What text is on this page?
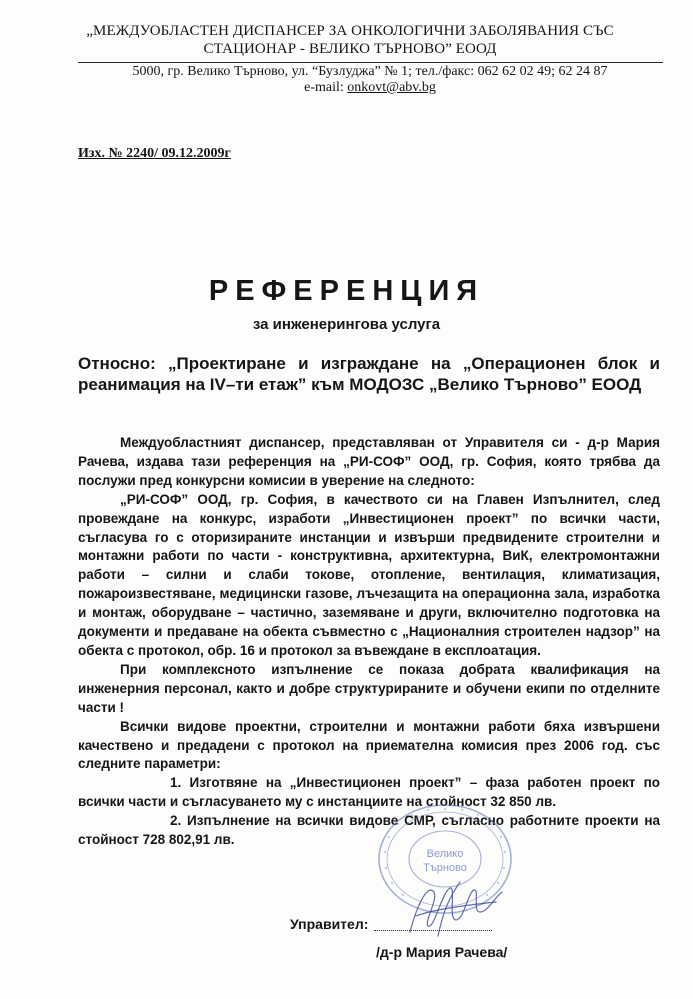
„МЕЖДУОБЛАСТЕН ДИСПАНСЕР ЗА ОНКОЛОГИЧНИ ЗАБОЛЯВАНИЯ СЪС
СТАЦИОНАР - ВЕЛИКО ТЪРНОВО” ЕООД
5000, гр. Велико Търново, ул. “Бузлуджа” № 1; тел./факс: 062 62 02 49; 62 24 87
e-mail: onkovt@abv.bg
Изх. № 2240/ 09.12.2009г
РЕФЕРЕНЦИЯ
за инженеринговa услуга
Относно: „Проектиране и изграждане на „Операционен блок и реанимация на IV–ти етаж” към МОДОЗС „Велико Търново” ЕООД

Междуобластният диспансер, представлявaн от Управителя си - д-р Мария Рачева, издава тази референция на „РИ-СОФ” ООД, гр. София, която трябва да послужи пред конкурсни комисии в уверение на следното:

„РИ-СОФ” ООД, гр. София, в качеството си на Главен Изпълнител, след провеждане на конкурс, изработи „Инвестиционен проект” по всички части, съгласува го с оторизираните инстанции и извърши предвидените строителни и монтажни работи по части - конструктивна, архитектурна, ВиК, електромонтажни работи – силни и слаби токове, отопление, вентилация, климатизация, пожароизвестяване, медицински газове, лъчезащита на операционна зала, изработка и монтаж, оборудване – частично, заземяване и други, включително подготовка на документи и предаване на обекта съвместно с „Националния строителен надзор” на обекта с протокол, обр. 16 и протокол за въвеждане в експлоатация.

При комплексното изпълнение се показа добрата квалификация на инженерния персонал, както и добре структурираните и обучени екипи по отделните части !

Всички видове проектни, строителни и монтажни работи бяха извършени качествено и предадени с протокол на приемателна комисия през 2006 год. със следните параметри:

1. Изготвяне на „Инвестиционен проект” – фаза работен проект по всички части и съгласуването му с инстанциите на стойност 32 850 лв.

2. Изпълнение на всички видове СМР, съгласно работните проекти на стойност 728 802,91 лв.

Велико
Търново
Управител:
/д-р Мария Рачева/
